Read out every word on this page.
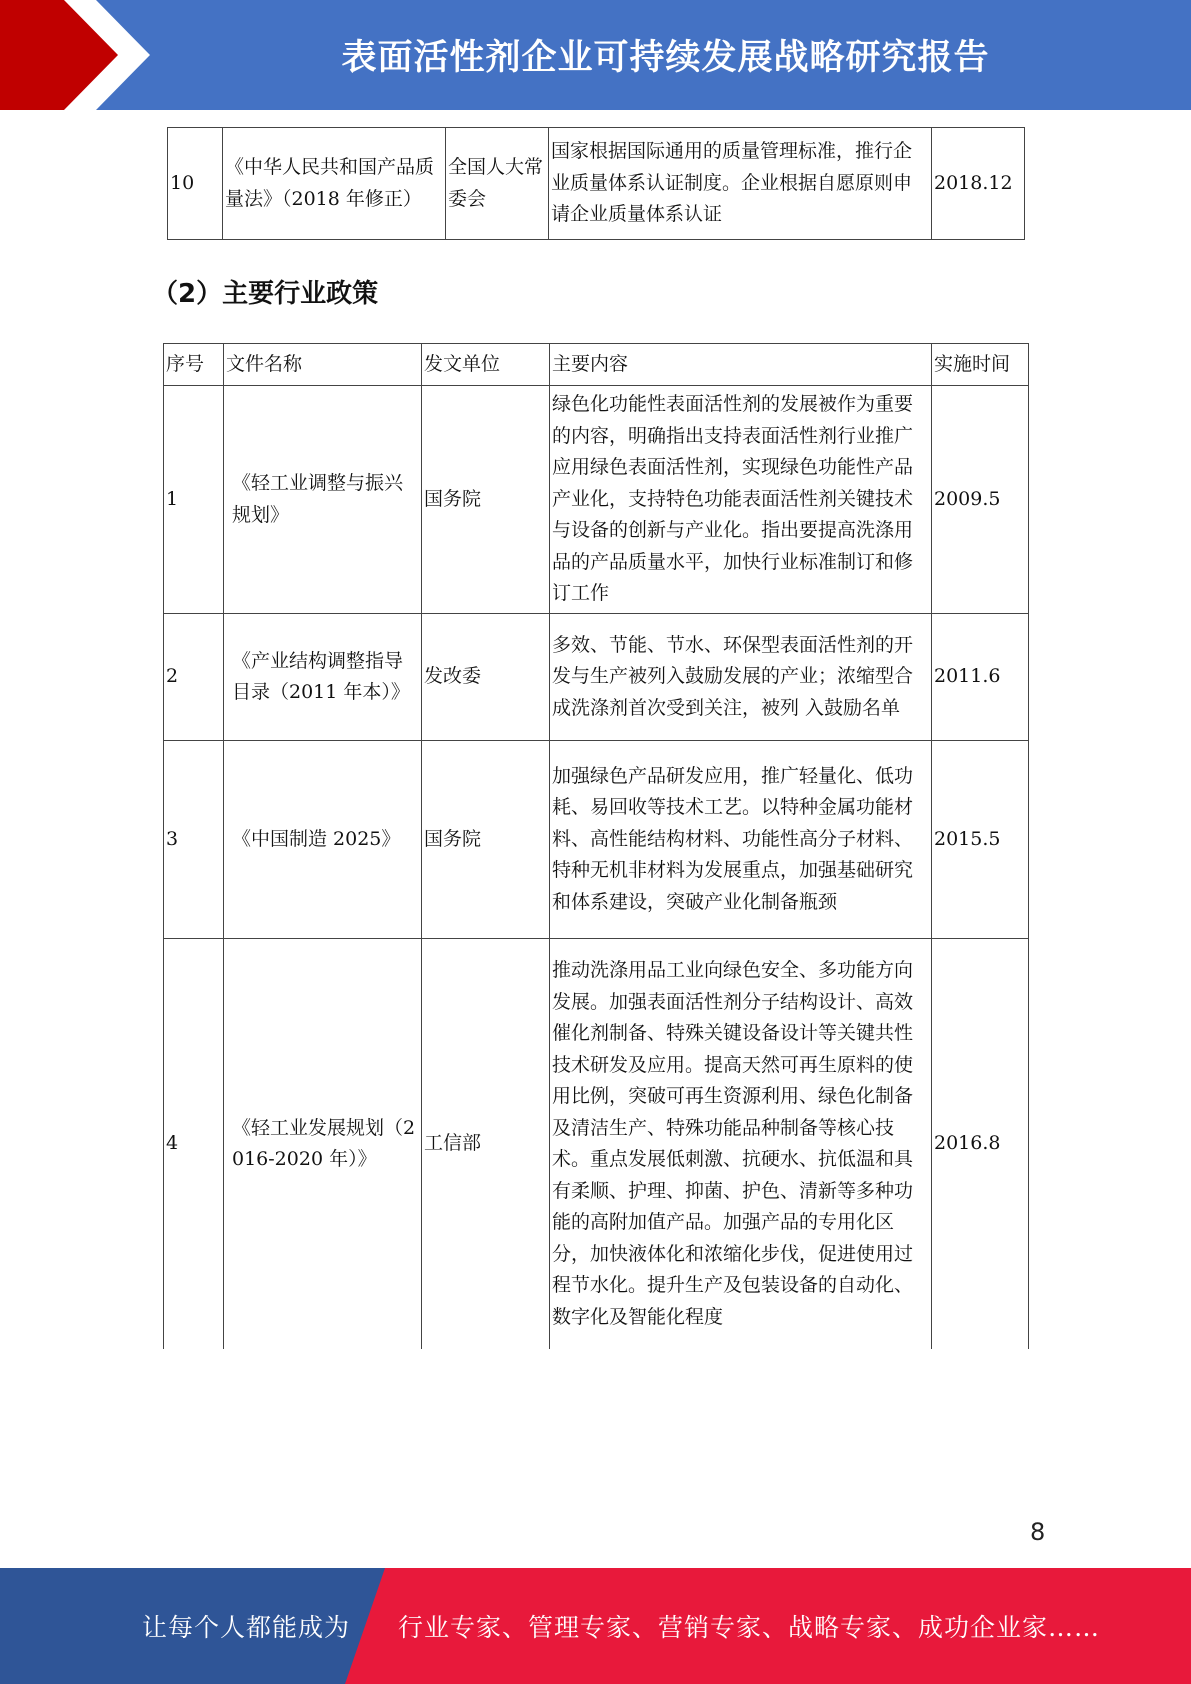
表面活性剂企业可持续发展战略研究报告
10	《中华人民共和国产品质量法》（2018 年修正）	全国人大常委会	国家根据国际通用的质量管理标准，推行企业质量体系认证制度。企业根据自愿原则申请企业质量体系认证	2018.12
（2）主要行业政策
序号	文件名称	发文单位	主要内容	实施时间
1	《轻工业调整与振兴规划》	国务院	绿色化功能性表面活性剂的发展被作为重要的内容，明确指出支持表面活性剂行业推广应用绿色表面活性剂，实现绿色功能性产品产业化，支持特色功能表面活性剂关键技术与设备的创新与产业化。指出要提高洗涤用品的产品质量水平，加快行业标准制订和修订工作	2009.5
2	《产业结构调整指导目录（2011 年本）》	发改委	多效、节能、节水、环保型表面活性剂的开发与生产被列入鼓励发展的产业；浓缩型合成洗涤剂首次受到关注，被列 入鼓励名单	2011.6
3	《中国制造 2025》	国务院	加强绿色产品研发应用，推广轻量化、低功耗、易回收等技术工艺。以特种金属功能材料、高性能结构材料、功能性高分子材料、特种无机非材料为发展重点，加强基础研究和体系建设，突破产业化制备瓶颈	2015.5
4	《轻工业发展规划（2016-2020 年）》	工信部	推动洗涤用品工业向绿色安全、多功能方向发展。加强表面活性剂分子结构设计、高效催化剂制备、特殊关键设备设计等关键共性技术研发及应用。提高天然可再生原料的使用比例，突破可再生资源利用、绿色化制备及清洁生产、特殊功能品种制备等核心技术。重点发展低刺激、抗硬水、抗低温和具有柔顺、护理、抑菌、护色、清新等多种功能的高附加值产品。加强产品的专用化区分，加快液体化和浓缩化步伐，促进使用过程节水化。提升生产及包装设备的自动化、数字化及智能化程度	2016.8
8
让每个人都能成为 行业专家、管理专家、营销专家、战略专家、成功企业家……
